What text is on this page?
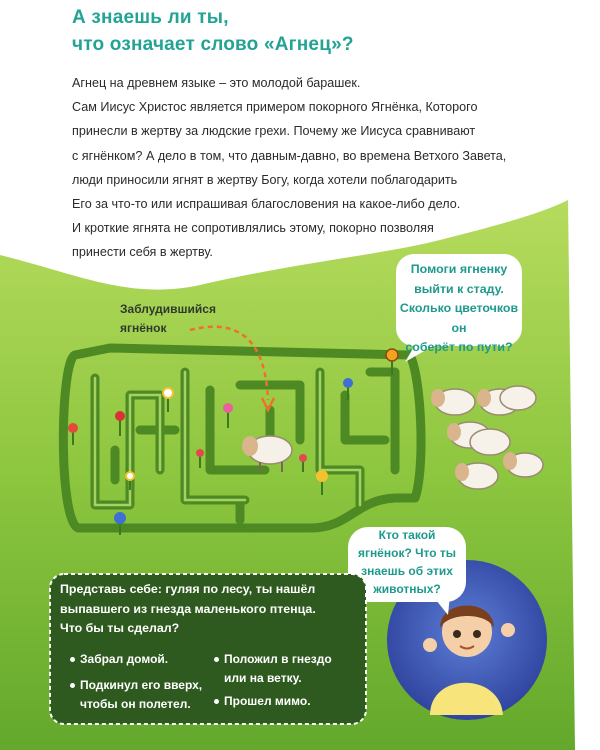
А знаешь ли ты,
что означает слово «Агнец»?

Агнец на древнем языке – это молодой барашек.

Сам Иисус Христос является примером покорного Ягнёнка, Которого

принесли в жертву за людские грехи. Почему же Иисуса сравнивают

с ягнёнком? А дело в том, что давным-давно, во времена Ветхого Завета,

люди приносили ягнят в жертву Богу, когда хотели поблагодарить

Его за что-то или испрашивая благословения на какое-либо дело.

И кроткие ягнята не сопротивлялись этому, покорно позволяя

принести себя в жертву.

Помоги ягненку
выйти к стаду.
Сколько цветочков он
соберёт по пути?
Заблудившийся
ягнёнок
Кто такой
ягнёнок? Что ты
знаешь об этих
животных?
Представь себе: гуляя по лесу, ты нашёл
выпавшего из гнезда маленького птенца.
Что бы ты сделал?
Забрал домой.
Подкинул его вверх,
чтобы он полетел.
Положил в гнездо
или на ветку.
Прошел мимо.
